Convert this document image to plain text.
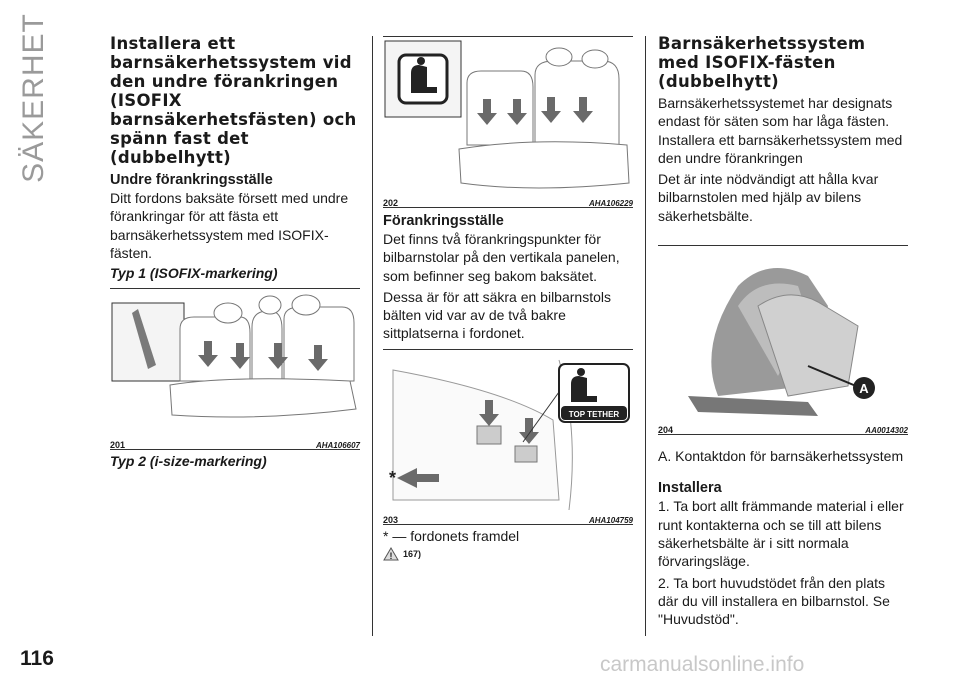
SÄKERHET
116	carmanualsonline.info
Installera ett barnsäkerhetssystem vid den undre förankringen (ISOFIX barnsäkerhetsfästen) och spänn fast det (dubbelhytt)
Undre förankringsställe

Ditt fordons baksäte försett med undre förankringar för att fästa ett barnsäkerhetssystem med ISOFIX-fästen.

Typ 1 (ISOFIX-markering)

201	AHA106607

Typ 2 (i-size-markering)

202	AHA106229
Förankringsställe

Det finns två förankringspunkter för bilbarnstolar på den vertikala panelen, som befinner seg bakom baksätet.

Dessa är för att säkra en bilbarnstols bälten vid var av de två bakre sittplatserna i fordonet.

*
TOP TETHER
203	AHA104759

* — fordonets framdel

! 167)
Barnsäkerhetssystem med ISOFIX-fästen (dubbelhytt)

Barnsäkerhetssystemet har designats endast för säten som har låga fästen. Installera ett barnsäkerhetssystem med den undre förankringen

Det är inte nödvändigt att hålla kvar bilbarnstolen med hjälp av bilens säkerhetsbälte.

A
204	AA0014302

A. Kontaktdon för barnsäkerhetssystem

Installera

1. Ta bort allt främmande material i eller runt kontakterna och se till att bilens säkerhetsbälte är i sitt normala förvaringsläge.

2. Ta bort huvudstödet från den plats där du vill installera en bilbarnstol. Se "Huvudstöd".
